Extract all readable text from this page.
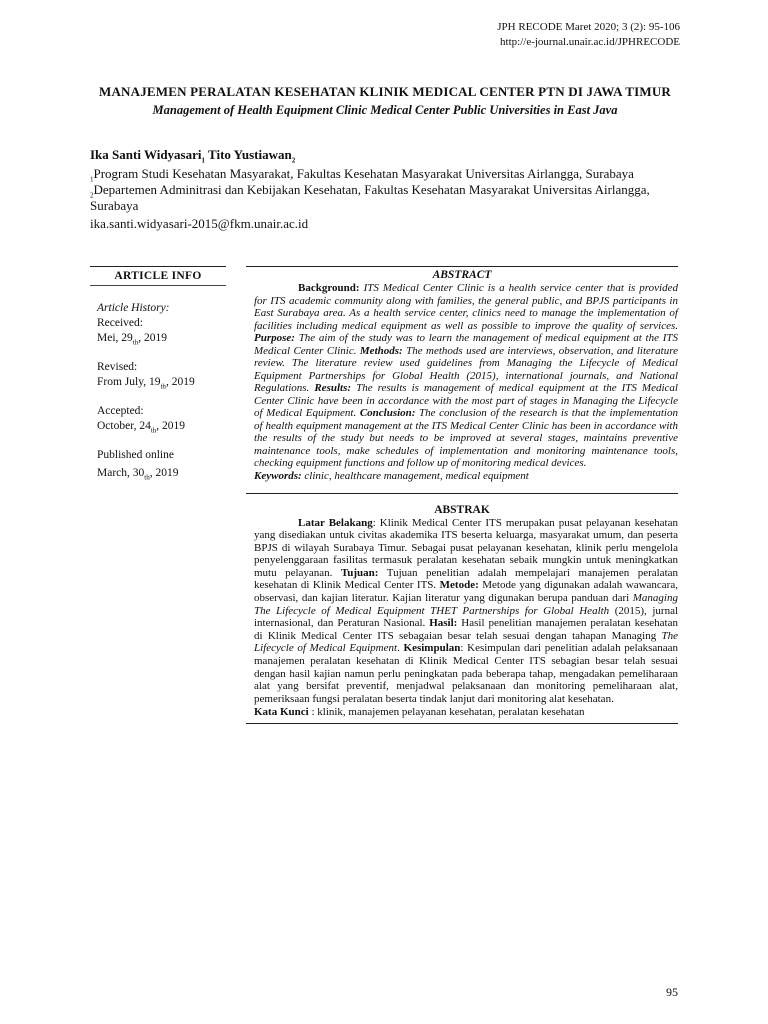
JPH RECODE Maret 2020; 3 (2): 95-106
http://e-journal.unair.ac.id/JPHRECODE

MANAJEMEN PERALATAN KESEHATAN KLINIK MEDICAL CENTER PTN DI JAWA TIMUR

Management of Health Equipment Clinic Medical Center Public Universities in East Java

Ika Santi Widyasari$_1$ Tito Yustiawan$_2$

$_1$Program Studi Kesehatan Masyarakat, Fakultas Kesehatan Masyarakat Universitas Airlangga, Surabaya

$_2$Departemen Adminitrasi dan Kebijakan Kesehatan, Fakultas Kesehatan Masyarakat Universitas Airlangga, Surabaya

ika.santi.widyasari-2015@fkm.unair.ac.id

ARTICLE INFO
Article History:
Received:
Mei, $29_{th}$, 2019
Revised:
From July, $19_{th}$, 2019
Accepted:
October, $24_{th}$, 2019
Published online
March, $30_{th}$, 2019
ABSTRACT

Background: ITS Medical Center Clinic is a health service center that is provided for ITS academic community along with families, the general public, and BPJS participants in East Surabaya area. As a health service center, clinics need to manage the implementation of facilities including medical equipment as well as possible to improve the quality of services. Purpose: The aim of the study was to learn the management of medical equipment at the ITS Medical Center Clinic. Methods: The methods used are interviews, observation, and literature review. The literature review used guidelines from Managing the Lifecycle of Medical Equipment Partnerships for Global Health (2015), international journals, and National Regulations. Results: The results is management of medical equipment at the ITS Medical Center Clinic have been in accordance with the most part of stages in Managing the Lifecycle of Medical Equipment. Conclusion: The conclusion of the research is that the implementation of health equipment management at the ITS Medical Center Clinic has been in accordance with the results of the study but needs to be improved at several stages, maintains preventive maintenance tools, make schedules of implementation and monitoring maintenance tools, checking equipment functions and follow up of monitoring medical devices.

Keywords: clinic, healthcare management, medical equipment

ABSTRAK

Latar Belakang: Klinik Medical Center ITS merupakan pusat pelayanan kesehatan yang disediakan untuk civitas akademika ITS beserta keluarga, masyarakat umum, dan peserta BPJS di wilayah Surabaya Timur. Sebagai pusat pelayanan kesehatan, klinik perlu mengelola penyelenggaraan fasilitas termasuk peralatan kesehatan sebaik mungkin untuk meningkatkan mutu pelayanan. Tujuan: Tujuan penelitian adalah mempelajari manajemen peralatan kesehatan di Klinik Medical Center ITS. Metode: Metode yang digunakan adalah wawancara, observasi, dan kajian literatur. Kajian literatur yang digunakan berupa panduan dari Managing The Lifecycle of Medical Equipment THET Partnerships for Global Health (2015), jurnal internasional, dan Peraturan Nasional. Hasil: Hasil penelitian manajemen peralatan kesehatan di Klinik Medical Center ITS sebagaian besar telah sesuai dengan tahapan Managing The Lifecycle of Medical Equipment. Kesimpulan: Kesimpulan dari penelitian adalah pelaksanaan manajemen peralatan kesehatan di Klinik Medical Center ITS sebagian besar telah sesuai dengan hasil kajian namun perlu peningkatan pada beberapa tahap, mengadakan pemeliharaan alat yang bersifat preventif, menjadwal pelaksanaan dan monitoring pemeliharaan alat, pemeriksaan fungsi peralatan beserta tindak lanjut dari monitoring alat kesehatan.

Kata Kunci : klinik, manajemen pelayanan kesehatan, peralatan kesehatan

95
